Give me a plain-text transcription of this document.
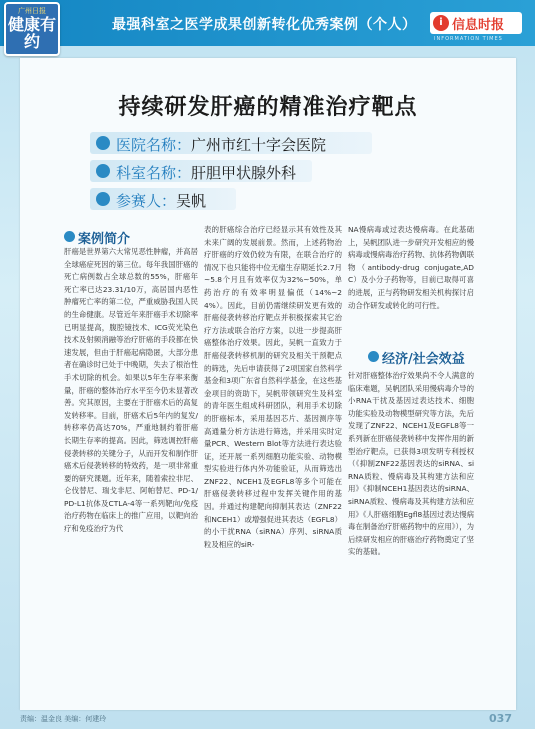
广州日报
健康有约
最强科室之医学成果创新转化优秀案例（个人）	i 信息时报
INFORMATION TIMES
持续研发肝癌的精准治疗靶点
医院名称：广州市红十字会医院
科室名称：肝胆甲状腺外科
参赛人：吴帆
案例简介
肝癌是世界第六大常见恶性肿瘤，并高居全球癌症死因的第三位。每年我国肝癌的死亡病例数占全球总数的55%，肝癌年死亡率已达23.31/10万，高居国内恶性肿瘤死亡率的第二位，严重威胁我国人民的生命健康。尽管近年来肝癌手术切除率已明显提高，腹腔镜技术、ICG荧光染色技术及射频消融等治疗肝癌的手段都在快速发展，但由于肝癌起病隐匿，大部分患者在确诊时已处于中晚期，失去了根治性手术切除的机会。如果以5年生存率来衡量，肝癌的整体治疗水平至今仍未显著改善。究其原因，主要在于肝癌术后的高复发转移率。目前，肝癌术后5年内的复发/转移率仍高达70%，严重地制约着肝癌长期生存率的提高。因此，筛选调控肝癌侵袭转移的关键分子，从而开发和制作肝癌术后侵袭转移的特效药，是一项非常重要的研究课题。近年来，随着索拉非尼、仑伐替尼、瑞戈非尼、阿帕替尼、PD-1/PD-L1抗体及CTLA-4等一系列靶向/免疫治疗药物在临床上的推广应用，以靶向治疗和免疫治疗为代
表的肝癌综合治疗已经显示其有效性及其未来广阔的发展前景。然而，上述药物治疗肝癌的疗效仍较为有限，在联合治疗的情况下也只能将中位无瘤生存期延长2.7月~5.8个月且有效率仅为32%~50%，单药治疗的有效率明显偏低（14%~24%）。因此，目前仍需继续研发更有效的肝癌侵袭转移治疗靶点并积极探索其它治疗方法或联合治疗方案，以进一步提高肝癌整体治疗效果。因此，吴帆一直致力于肝癌侵袭转移机制的研究及相关干预靶点的筛选，先后申请获得了2项国家自然科学基金和3项广东省自然科学基金，在这些基金项目的资助下，吴帆带领研究生及科室的青年医生组成科研团队，利用手术切除的肝癌标本，采用基因芯片、基因测序等高通量分析方法进行筛选，并采用实时定量PCR、Western Blot等方法进行表达验证，还开展一系列细胞功能实验、动物模型实验进行体内外功能验证，从而筛选出ZNF22、NCEH1及EGFL8等多个可能在肝癌侵袭转移过程中发挥关键作用的基因。并通过构建靶向抑制其表达（ZNF22和NCEH1）或增强促进其表达（EGFL8）的小干扰RNA（siRNA）序列、siRNA质粒及相应的siR-
NA慢病毒或过表达慢病毒。在此基础上，吴帆团队进一步研究开发相应的慢病毒或慢病毒治疗药物、抗体药物偶联物（antibody-drug conjugate,ADC）及小分子药物等，目前已取得可喜的进展，正与药物研发相关机构探讨启动合作研发或转化的可行性。
经济/社会效益
针对肝癌整体治疗效果尚不令人满意的临床难题，吴帆团队采用慢病毒介导的小RNA干扰及基因过表达技术、细胞功能实验及动物模型研究等方法，先后发现了ZNF22、NCEH1及EGFL8等一系列新在肝癌侵袭转移中发挥作用的新型治疗靶点，已获得3项发明专利授权（《抑制ZNF22基因表达的siRNA、siRNA质粒、慢病毒及其构建方法和应用》《抑制NCEH1基因表达的siRNA、siRNA质粒、慢病毒及其构建方法和应用》《人肝癌细胞Egfl8基因过表达慢病毒在制备治疗肝癌药物中的应用》），为后续研发相应的肝癌治疗药物奠定了坚实的基础。
责编：温金良 美编：何建玲	037
